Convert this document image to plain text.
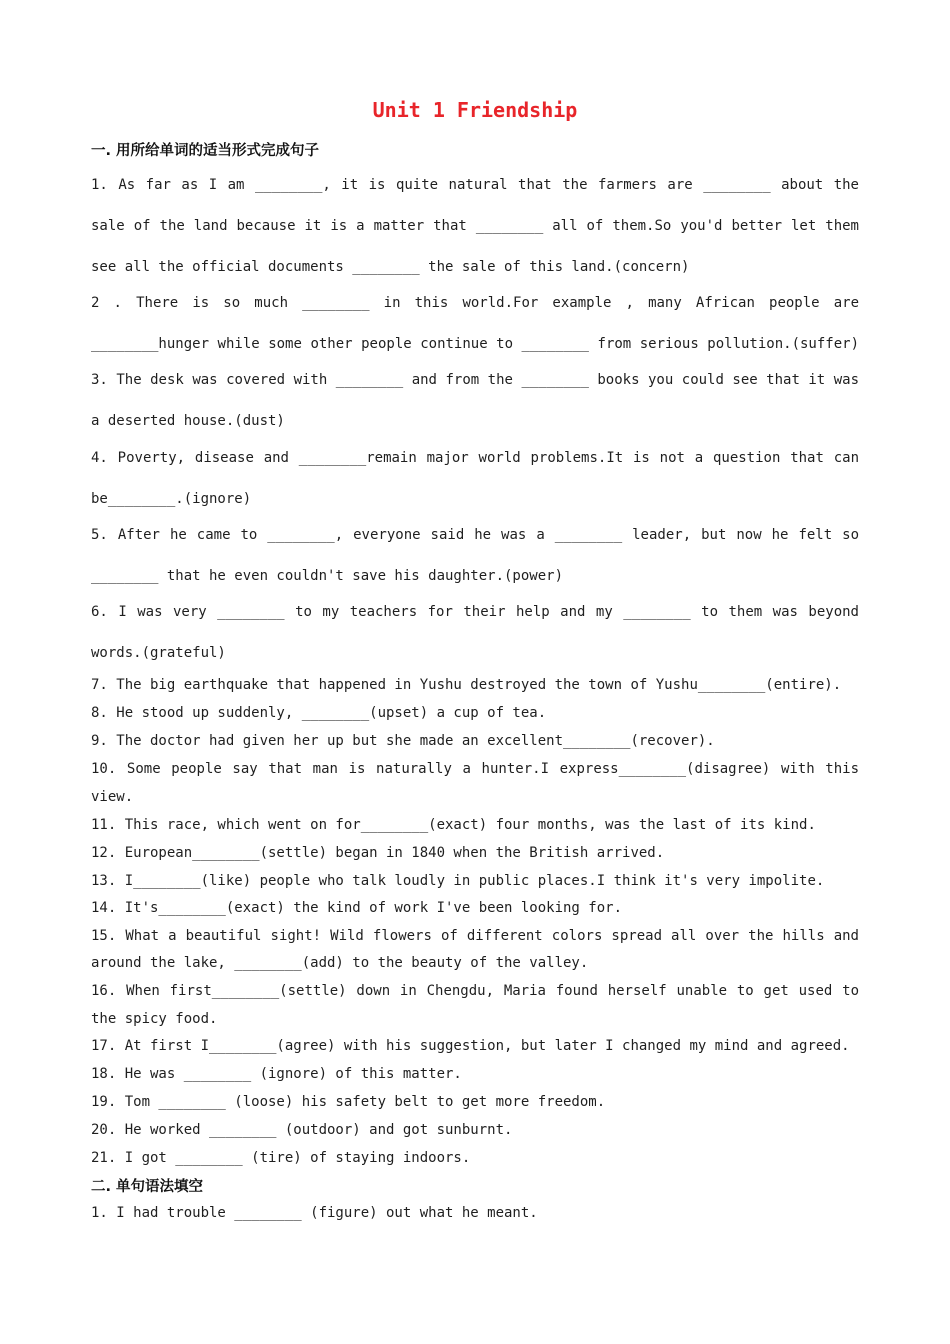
Unit 1 Friendship
一. 用所给单词的适当形式完成句子
1. As far as I am ________, it is quite natural that the farmers are ________ about the
sale of the land because it is a matter that ________ all of them.So you'd better let them
see all the official documents ________ the sale of this land.(concern)
2 . There is so much ________ in this world.For example , many African people are
________hunger while some other people continue to ________ from serious pollution.(suffer)
3. The desk was covered with ________ and from the ________ books you could see that it was
a deserted house.(dust)
4. Poverty, disease and ________remain major world problems.It is not a question that can
be________.(ignore)
5. After he came to ________, everyone said he was a ________ leader, but now he felt so
________ that he even couldn't save his daughter.(power)
6. I was very ________ to my teachers for their help and my ________ to them was beyond
words.(grateful)
7. The big earthquake that happened in Yushu destroyed the town of Yushu________(entire).
8. He stood up suddenly, ________(upset) a cup of tea.
9. The doctor had given her up but she made an excellent________(recover).
10. Some people say that man is naturally a hunter.I express________(disagree) with this
view.
11. This race, which went on for________(exact) four months, was the last of its kind.
12. European________(settle) began in 1840 when the British arrived.
13. I________(like) people who talk loudly in public places.I think it's very impolite.
14. It's________(exact) the kind of work I've been looking for.
15. What a beautiful sight! Wild flowers of different colors spread all over the hills and
around the lake, ________(add) to the beauty of the valley.
16. When first________(settle) down in Chengdu, Maria found herself unable to get used to
the spicy food.
17. At first I________(agree) with his suggestion, but later I changed my mind and agreed.
18. He was ________ (ignore) of this matter.
19. Tom ________ (loose) his safety belt to get more freedom.
20. He worked ________ (outdoor) and got sunburnt.
21. I got ________ (tire) of staying indoors.
1. I had trouble ________ (figure) out what he meant.
二. 单句语法填空
